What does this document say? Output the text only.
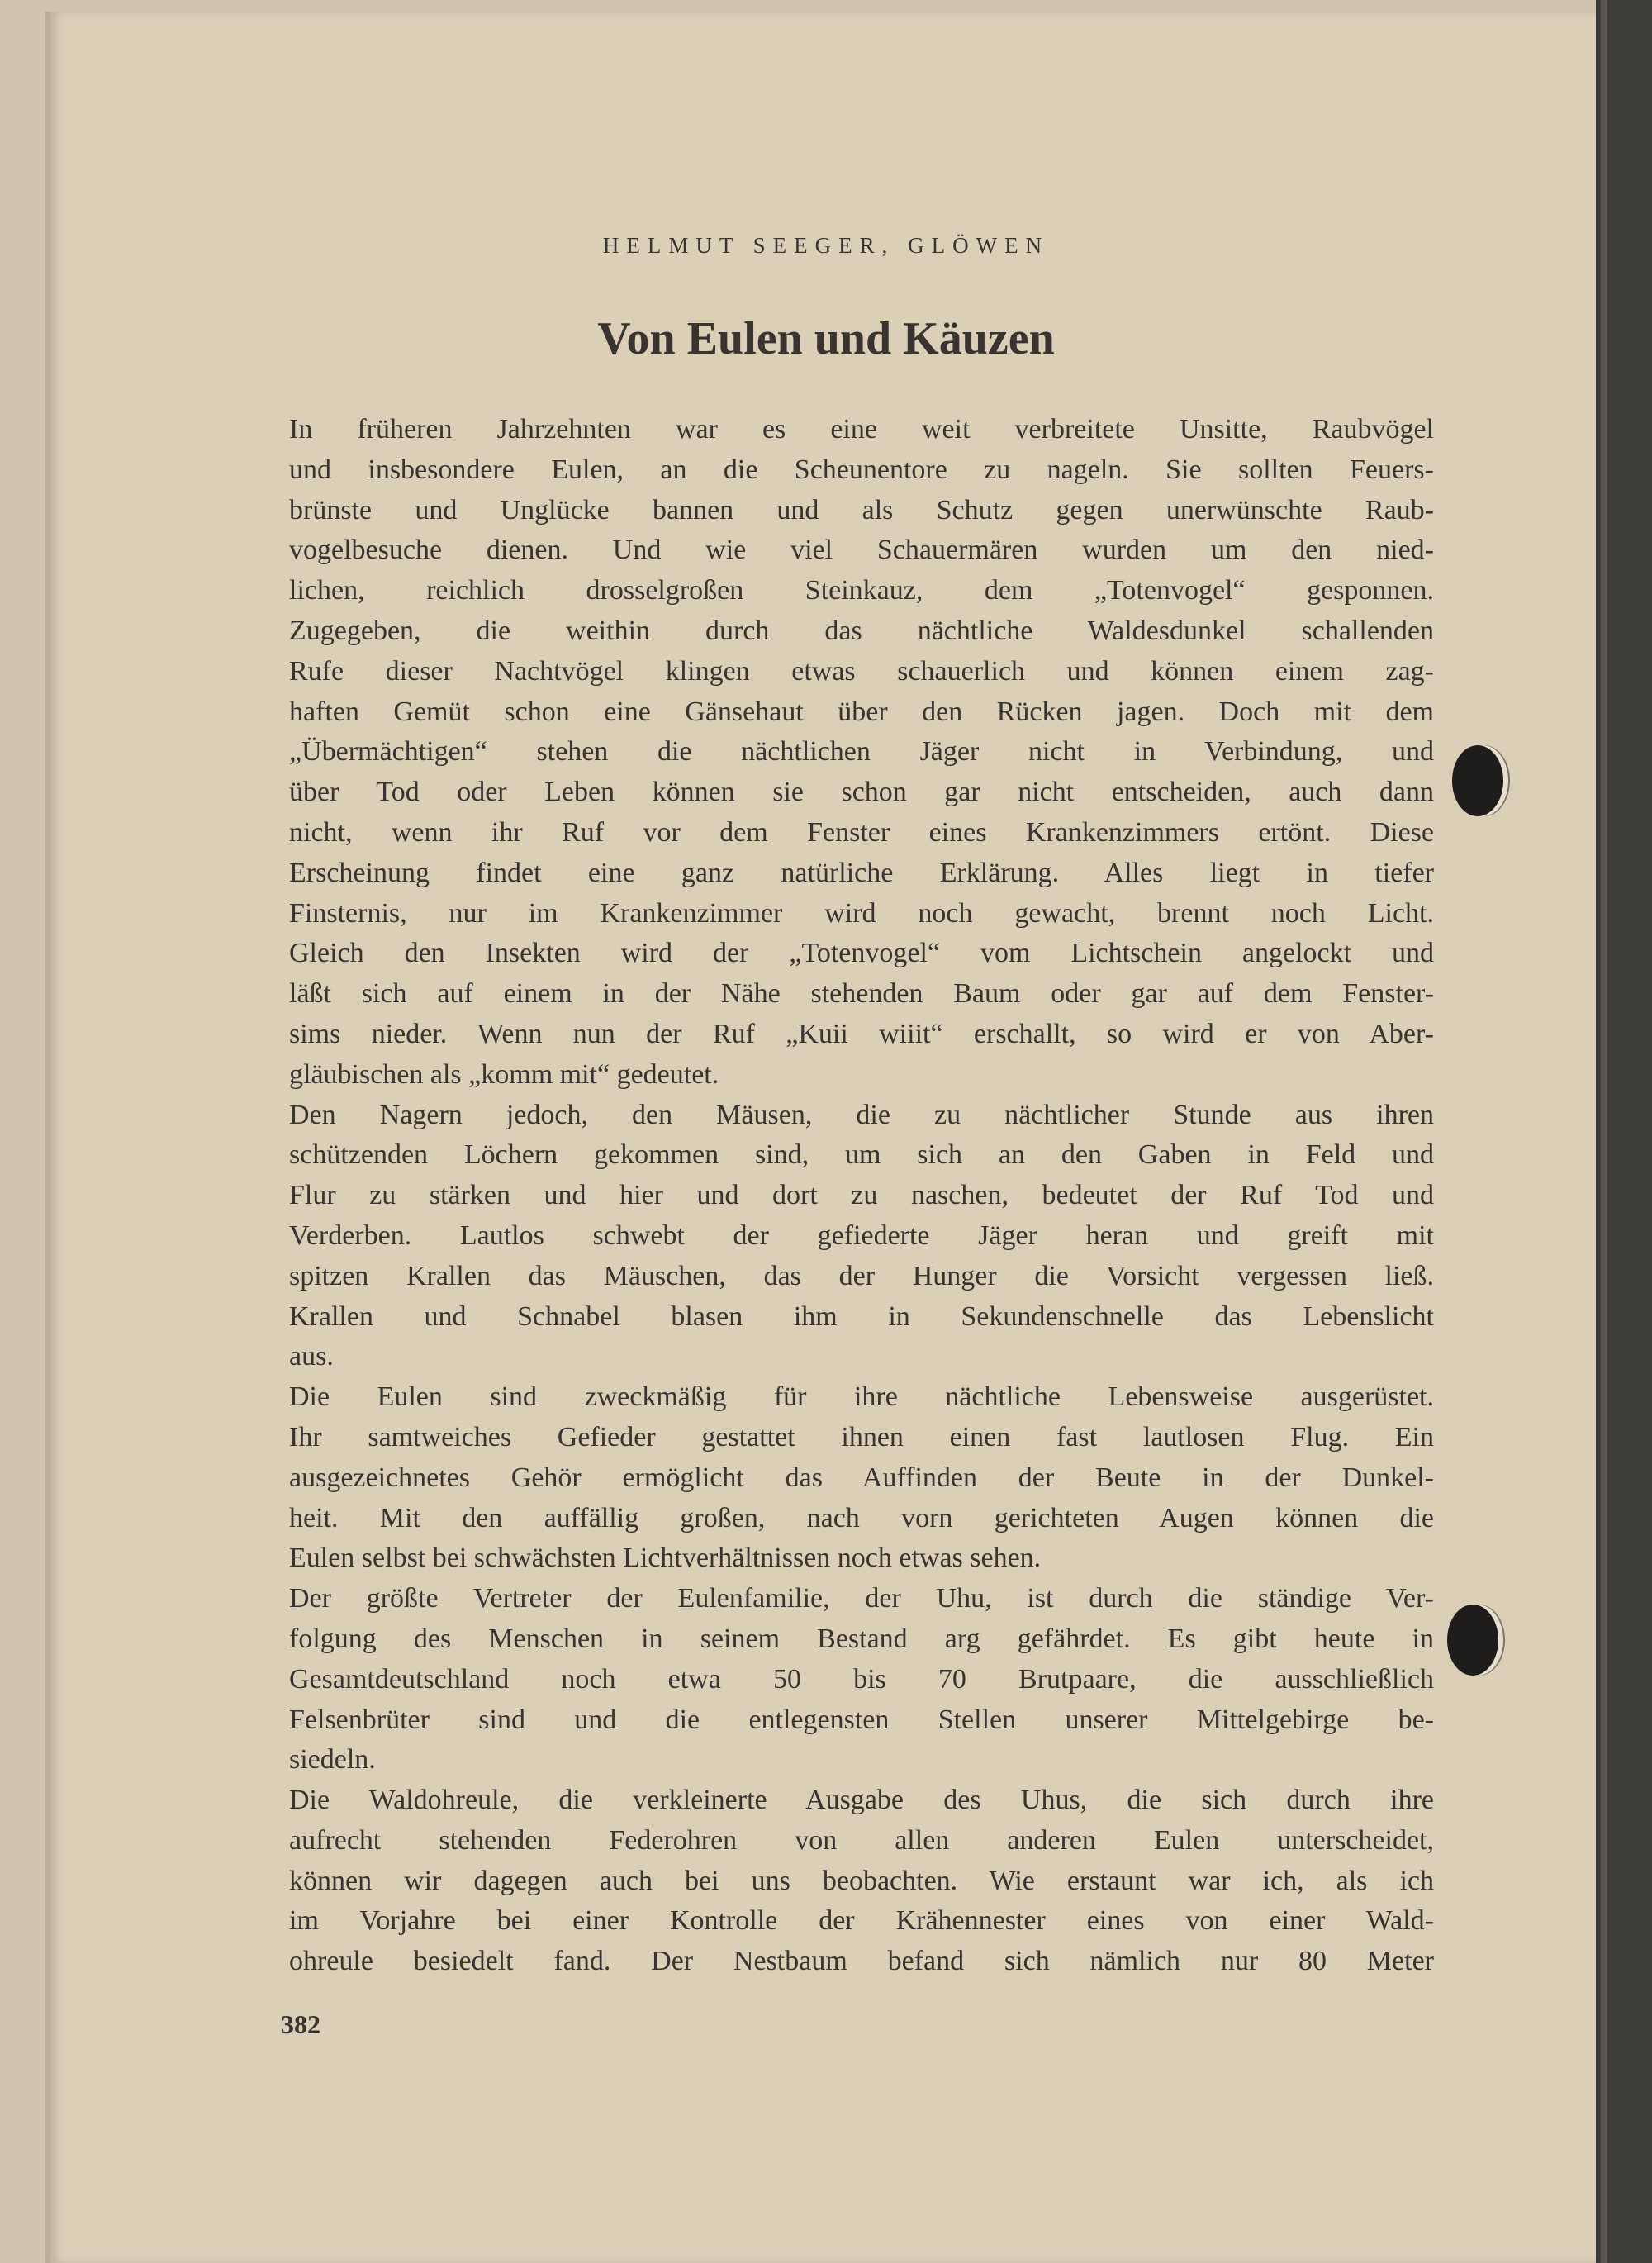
HELMUT SEEGER, GLÖWEN
Von Eulen und Käuzen
In früheren Jahrzehnten war es eine weit verbreitete Unsitte, Raubvögel
und insbesondere Eulen, an die Scheunentore zu nageln. Sie sollten Feuers-
brünste und Unglücke bannen und als Schutz gegen unerwünschte Raub-
vogelbesuche dienen. Und wie viel Schauermären wurden um den nied-
lichen, reichlich drosselgroßen Steinkauz, dem „Totenvogel“ gesponnen.
Zugegeben, die weithin durch das nächtliche Waldesdunkel schallenden
Rufe dieser Nachtvögel klingen etwas schauerlich und können einem zag-
haften Gemüt schon eine Gänsehaut über den Rücken jagen. Doch mit dem
„Übermächtigen“ stehen die nächtlichen Jäger nicht in Verbindung, und
über Tod oder Leben können sie schon gar nicht entscheiden, auch dann
nicht, wenn ihr Ruf vor dem Fenster eines Krankenzimmers ertönt. Diese
Erscheinung findet eine ganz natürliche Erklärung. Alles liegt in tiefer
Finsternis, nur im Krankenzimmer wird noch gewacht, brennt noch Licht.
Gleich den Insekten wird der „Totenvogel“ vom Lichtschein angelockt und
läßt sich auf einem in der Nähe stehenden Baum oder gar auf dem Fenster-
sims nieder. Wenn nun der Ruf „Kuii wiiit“ erschallt, so wird er von Aber-
gläubischen als „komm mit“ gedeutet.
Den Nagern jedoch, den Mäusen, die zu nächtlicher Stunde aus ihren
schützenden Löchern gekommen sind, um sich an den Gaben in Feld und
Flur zu stärken und hier und dort zu naschen, bedeutet der Ruf Tod und
Verderben. Lautlos schwebt der gefiederte Jäger heran und greift mit
spitzen Krallen das Mäuschen, das der Hunger die Vorsicht vergessen ließ.
Krallen und Schnabel blasen ihm in Sekundenschnelle das Lebenslicht
aus.
Die Eulen sind zweckmäßig für ihre nächtliche Lebensweise ausgerüstet.
Ihr samtweiches Gefieder gestattet ihnen einen fast lautlosen Flug. Ein
ausgezeichnetes Gehör ermöglicht das Auffinden der Beute in der Dunkel-
heit. Mit den auffällig großen, nach vorn gerichteten Augen können die
Eulen selbst bei schwächsten Lichtverhältnissen noch etwas sehen.
Der größte Vertreter der Eulenfamilie, der Uhu, ist durch die ständige Ver-
folgung des Menschen in seinem Bestand arg gefährdet. Es gibt heute in
Gesamtdeutschland noch etwa 50 bis 70 Brutpaare, die ausschließlich
Felsenbrüter sind und die entlegensten Stellen unserer Mittelgebirge be-
siedeln.
Die Waldohreule, die verkleinerte Ausgabe des Uhus, die sich durch ihre
aufrecht stehenden Federohren von allen anderen Eulen unterscheidet,
können wir dagegen auch bei uns beobachten. Wie erstaunt war ich, als ich
im Vorjahre bei einer Kontrolle der Krähennester eines von einer Wald-
ohreule besiedelt fand. Der Nestbaum befand sich nämlich nur 80 Meter
382
